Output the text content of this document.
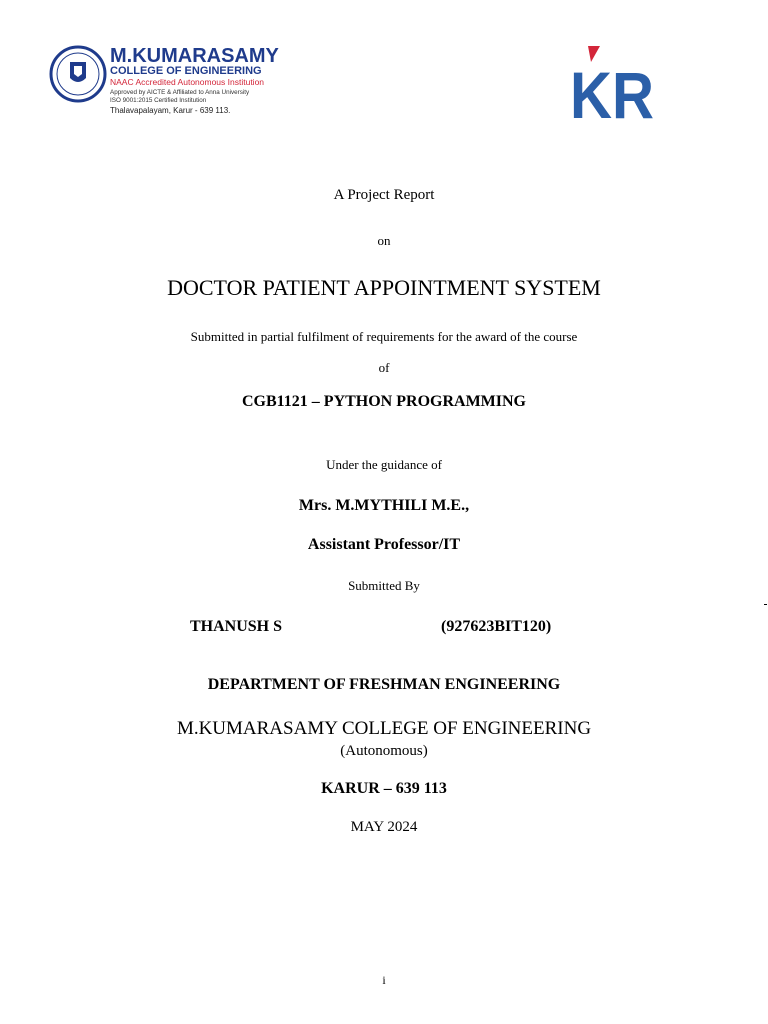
M.KUMARASAMY
COLLEGE OF ENGINEERING
NAAC Accredited Autonomous Institution
Approved by AICTE & Affiliated to Anna University
ISO 9001:2015 Certified Institution
Thalavapalayam, Karur - 639 113.	KR
A Project Report
on
DOCTOR PATIENT APPOINTMENT SYSTEM
Submitted in partial fulfilment of requirements for the award of the course
of
CGB1121 – PYTHON PROGRAMMING
Under the guidance of
Mrs. M.MYTHILI M.E.,
Assistant Professor/IT
Submitted By
THANUSH S	(927623BIT120)
DEPARTMENT OF FRESHMAN ENGINEERING
M.KUMARASAMY COLLEGE OF ENGINEERING
(Autonomous)
KARUR – 639 113
MAY 2024
i
